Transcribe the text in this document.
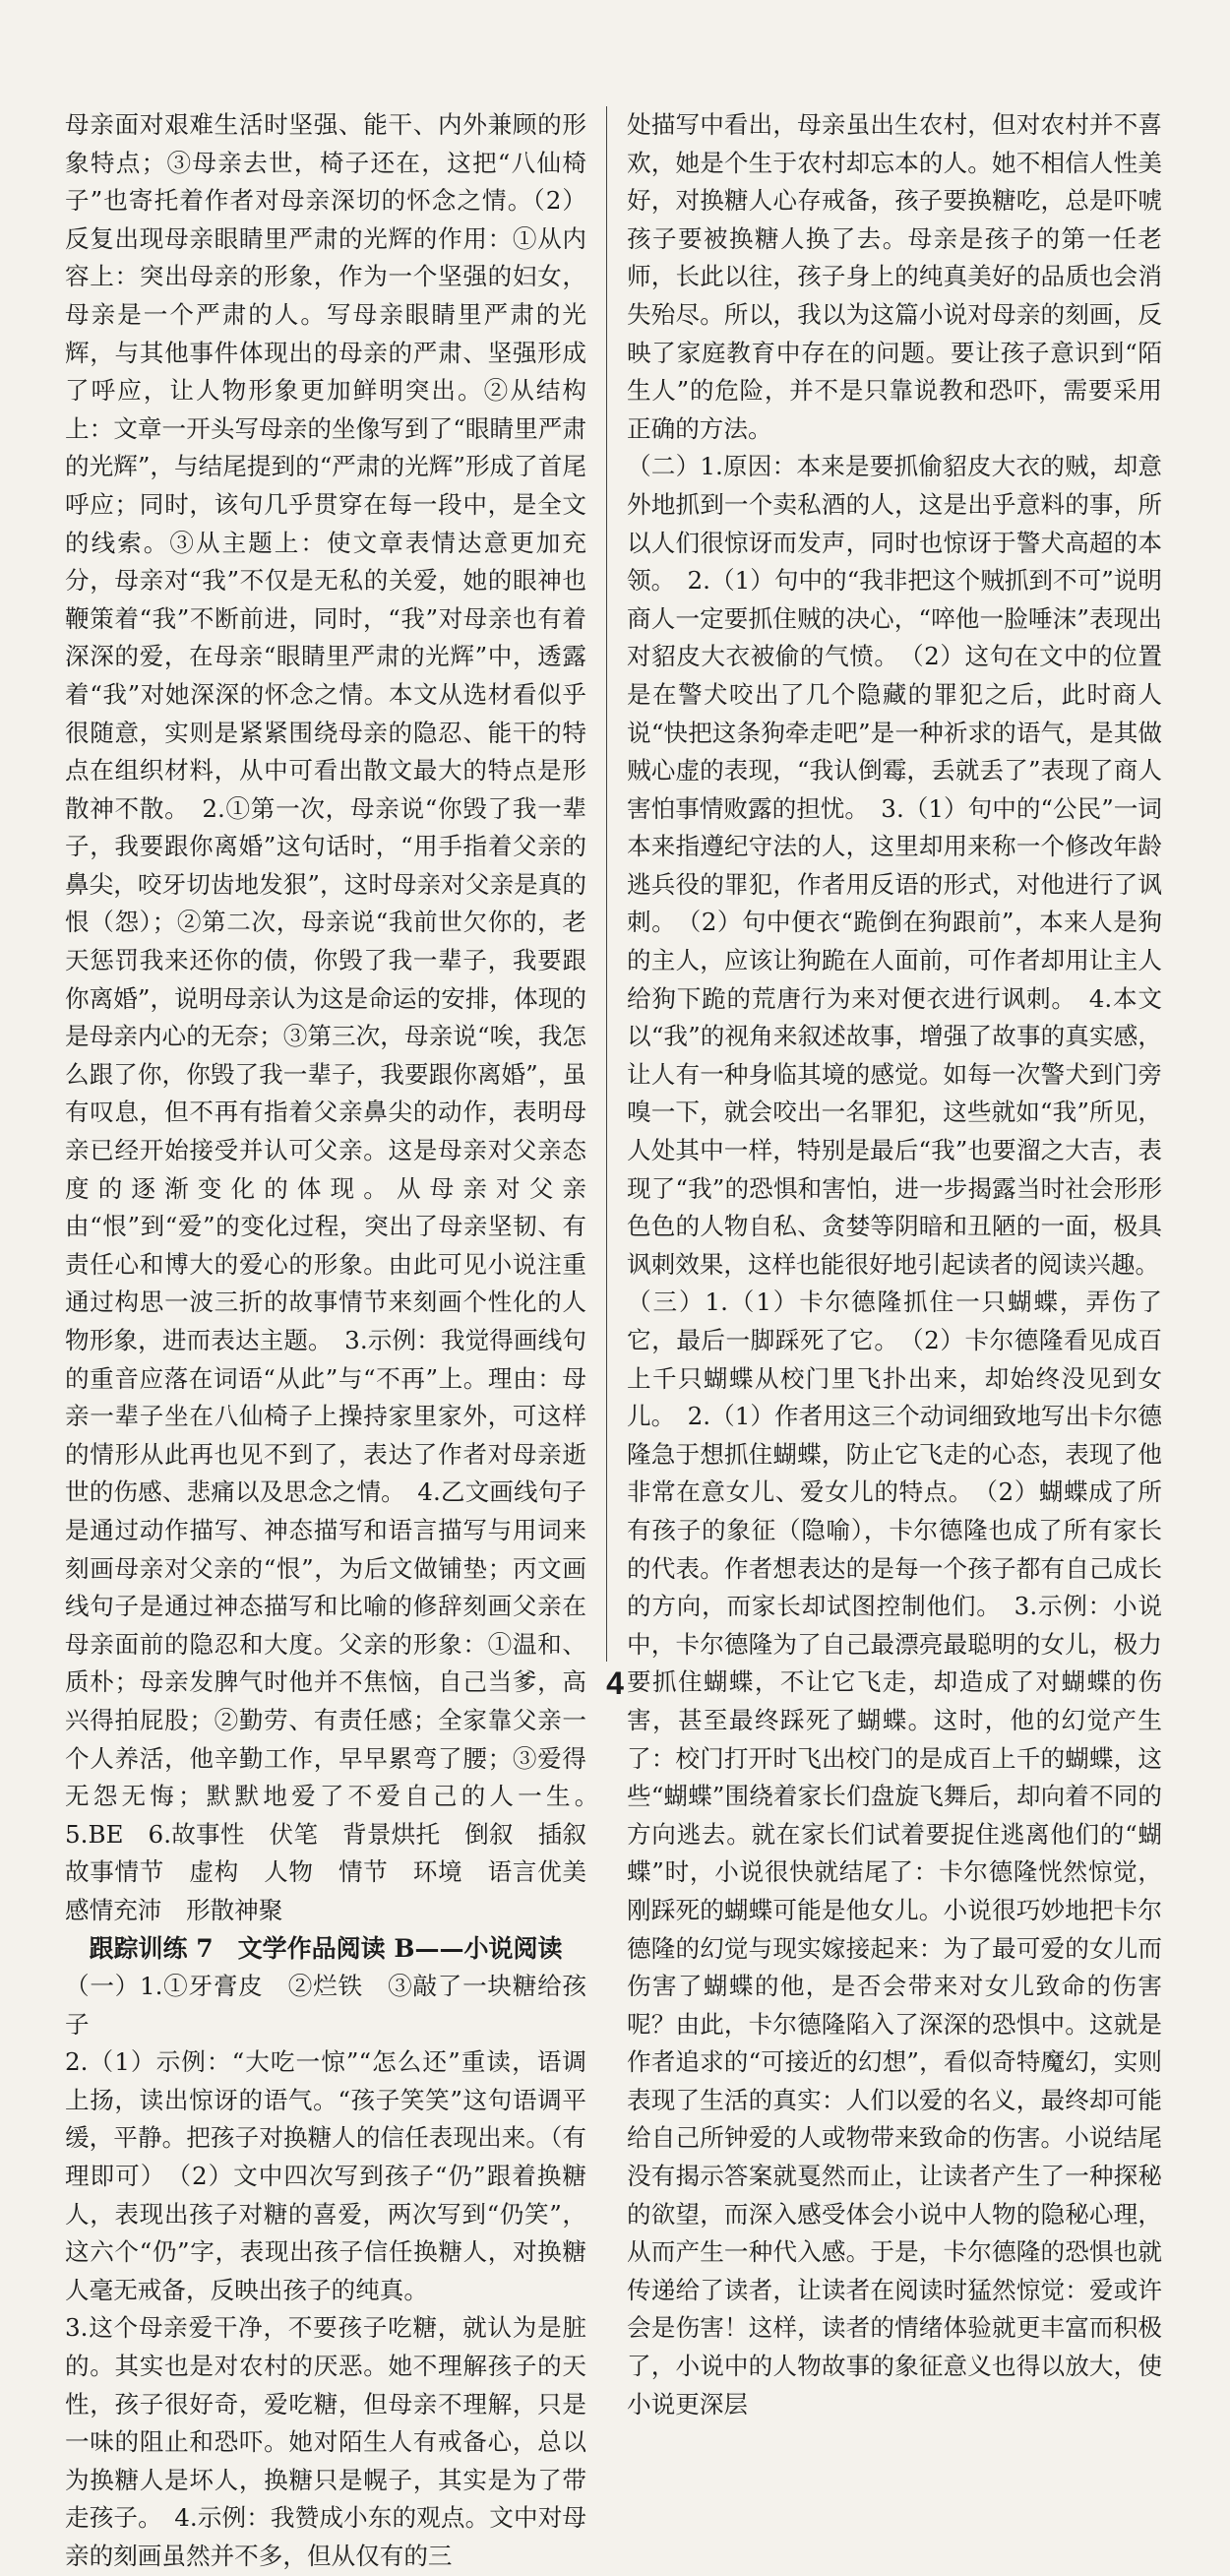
母亲面对艰难生活时坚强、能干、内外兼顾的形象特点；③母亲去世，椅子还在，这把“八仙椅子”也寄托着作者对母亲深切的怀念之情。（2）反复出现母亲眼睛里严肃的光辉的作用：①从内容上：突出母亲的形象，作为一个坚强的妇女，母亲是一个严肃的人。写母亲眼睛里严肃的光辉，与其他事件体现出的母亲的严肃、坚强形成了呼应，让人物形象更加鲜明突出。②从结构上：文章一开头写母亲的坐像写到了“眼睛里严肃的光辉”，与结尾提到的“严肃的光辉”形成了首尾呼应；同时，该句几乎贯穿在每一段中，是全文的线索。③从主题上：使文章表情达意更加充分，母亲对“我”不仅是无私的关爱，她的眼神也鞭策着“我”不断前进，同时，“我”对母亲也有着深深的爱，在母亲“眼睛里严肃的光辉”中，透露着“我”对她深深的怀念之情。本文从选材看似乎很随意，实则是紧紧围绕母亲的隐忍、能干的特点在组织材料，从中可看出散文最大的特点是形散神不散。　2.①第一次，母亲说“你毁了我一辈子，我要跟你离婚”这句话时，“用手指着父亲的鼻尖，咬牙切齿地发狠”，这时母亲对父亲是真的恨（怨）；②第二次，母亲说“我前世欠你的，老天惩罚我来还你的债，你毁了我一辈子，我要跟你离婚”，说明母亲认为这是命运的安排，体现的是母亲内心的无奈；③第三次，母亲说“唉，我怎么跟了你，你毁了我一辈子，我要跟你离婚”，虽有叹息，但不再有指着父亲鼻尖的动作，表明母亲已经开始接受并认可父亲。这是母亲对父亲态度的逐渐变化的体现。从母亲对父亲由“恨”到“爱”的变化过程，突出了母亲坚韧、有责任心和博大的爱心的形象。由此可见小说注重通过构思一波三折的故事情节来刻画个性化的人物形象，进而表达主题。　3.示例：我觉得画线句的重音应落在词语“从此”与“不再”上。理由：母亲一辈子坐在八仙椅子上操持家里家外，可这样的情形从此再也见不到了，表达了作者对母亲逝世的伤感、悲痛以及思念之情。　4.乙文画线句子是通过动作描写、神态描写和语言描写与用词来刻画母亲对父亲的“恨”，为后文做铺垫；丙文画线句子是通过神态描写和比喻的修辞刻画父亲在母亲面前的隐忍和大度。父亲的形象：①温和、质朴；母亲发脾气时他并不焦恼，自己当爹，高兴得拍屁股；②勤劳、有责任感；全家靠父亲一个人养活，他辛勤工作，早早累弯了腰；③爱得无怨无悔；默默地爱了不爱自己的人一生。　5.BE　6.故事性　伏笔　背景烘托　倒叙　插叙　故事情节　虚构　人物　情节　环境　语言优美　感情充沛　形散神聚

跟踪训练 7　文学作品阅读 B——小说阅读

（一）1.①牙膏皮　②烂铁　③敲了一块糖给孩子

2.（1）示例：“大吃一惊”“怎么还”重读，语调上扬，读出惊讶的语气。“孩子笑笑”这句语调平缓，平静。把孩子对换糖人的信任表现出来。（有理即可）　（2）文中四次写到孩子“仍”跟着换糖人，表现出孩子对糖的喜爱，两次写到“仍笑”，这六个“仍”字，表现出孩子信任换糖人，对换糖人毫无戒备，反映出孩子的纯真。

3.这个母亲爱干净，不要孩子吃糖，就认为是脏的。其实也是对农村的厌恶。她不理解孩子的天性，孩子很好奇，爱吃糖，但母亲不理解，只是一味的阻止和恐吓。她对陌生人有戒备心，总以为换糖人是坏人，换糖只是幌子，其实是为了带走孩子。　4.示例：我赞成小东的观点。文中对母亲的刻画虽然并不多，但从仅有的三

处描写中看出，母亲虽出生农村，但对农村并不喜欢，她是个生于农村却忘本的人。她不相信人性美好，对换糖人心存戒备，孩子要换糖吃，总是吓唬孩子要被换糖人换了去。母亲是孩子的第一任老师，长此以往，孩子身上的纯真美好的品质也会消失殆尽。所以，我以为这篇小说对母亲的刻画，反映了家庭教育中存在的问题。要让孩子意识到“陌生人”的危险，并不是只靠说教和恐吓，需要采用正确的方法。

（二）1.原因：本来是要抓偷貂皮大衣的贼，却意外地抓到一个卖私酒的人，这是出乎意料的事，所以人们很惊讶而发声，同时也惊讶于警犬高超的本领。　2.（1）句中的“我非把这个贼抓到不可”说明商人一定要抓住贼的决心，“啐他一脸唾沫”表现出对貂皮大衣被偷的气愤。　（2）这句在文中的位置是在警犬咬出了几个隐藏的罪犯之后，此时商人说“快把这条狗牵走吧”是一种祈求的语气，是其做贼心虚的表现，“我认倒霉，丢就丢了”表现了商人害怕事情败露的担忧。　3.（1）句中的“公民”一词本来指遵纪守法的人，这里却用来称一个修改年龄逃兵役的罪犯，作者用反语的形式，对他进行了讽刺。　（2）句中便衣“跪倒在狗跟前”，本来人是狗的主人，应该让狗跪在人面前，可作者却用让主人给狗下跪的荒唐行为来对便衣进行讽刺。　4.本文以“我”的视角来叙述故事，增强了故事的真实感，让人有一种身临其境的感觉。如每一次警犬到门旁嗅一下，就会咬出一名罪犯，这些就如“我”所见，人处其中一样，特别是最后“我”也要溜之大吉，表现了“我”的恐惧和害怕，进一步揭露当时社会形形色色的人物自私、贪婪等阴暗和丑陋的一面，极具讽刺效果，这样也能很好地引起读者的阅读兴趣。

（三）1.（1）卡尔德隆抓住一只蝴蝶，弄伤了它，最后一脚踩死了它。　（2）卡尔德隆看见成百上千只蝴蝶从校门里飞扑出来，却始终没见到女儿。　2.（1）作者用这三个动词细致地写出卡尔德隆急于想抓住蝴蝶，防止它飞走的心态，表现了他非常在意女儿、爱女儿的特点。　（2）蝴蝶成了所有孩子的象征（隐喻），卡尔德隆也成了所有家长的代表。作者想表达的是每一个孩子都有自己成长的方向，而家长却试图控制他们。　3.示例：小说中，卡尔德隆为了自己最漂亮最聪明的女儿，极力要抓住蝴蝶，不让它飞走，却造成了对蝴蝶的伤害，甚至最终踩死了蝴蝶。这时，他的幻觉产生了：校门打开时飞出校门的是成百上千的蝴蝶，这些“蝴蝶”围绕着家长们盘旋飞舞后，却向着不同的方向逃去。就在家长们试着要捉住逃离他们的“蝴蝶”时，小说很快就结尾了：卡尔德隆恍然惊觉，刚踩死的蝴蝶可能是他女儿。小说很巧妙地把卡尔德隆的幻觉与现实嫁接起来：为了最可爱的女儿而伤害了蝴蝶的他，是否会带来对女儿致命的伤害呢？由此，卡尔德隆陷入了深深的恐惧中。这就是作者追求的“可接近的幻想”，看似奇特魔幻，实则表现了生活的真实：人们以爱的名义，最终却可能给自己所钟爱的人或物带来致命的伤害。小说结尾没有揭示答案就戛然而止，让读者产生了一种探秘的欲望，而深入感受体会小说中人物的隐秘心理，从而产生一种代入感。于是，卡尔德隆的恐惧也就传递给了读者，让读者在阅读时猛然惊觉：爱或许会是伤害！这样，读者的情绪体验就更丰富而积极了，小说中的人物故事的象征意义也得以放大，使小说更深层

4
